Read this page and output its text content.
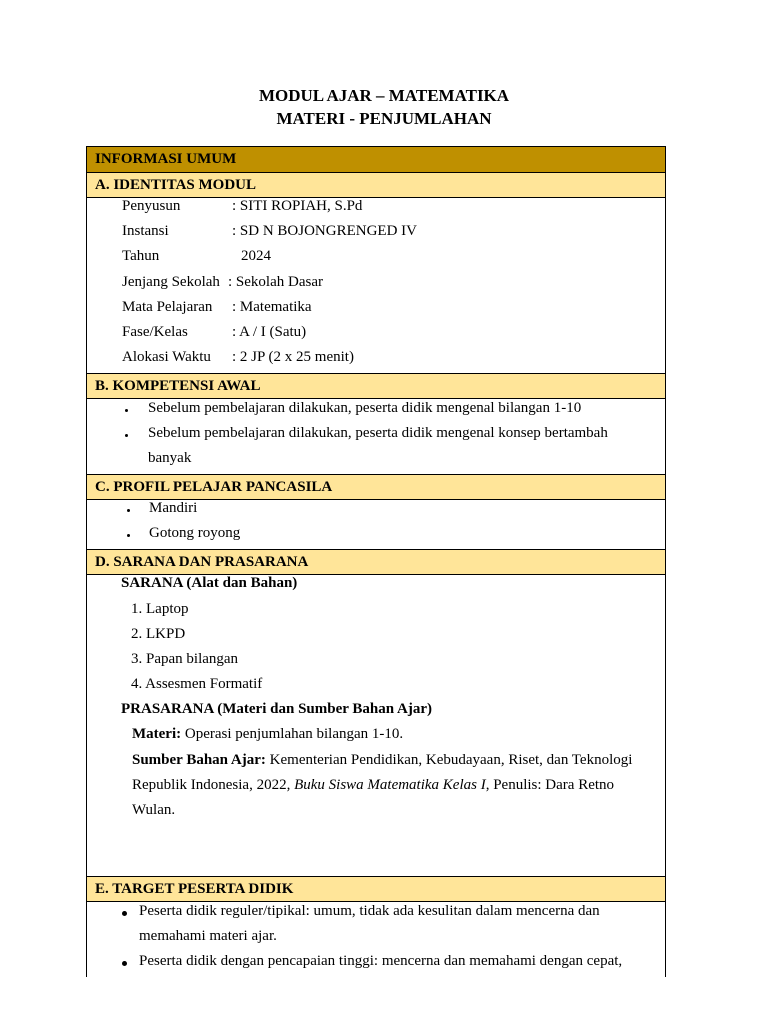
MODUL AJAR – MATEMATIKA
MATERI - PENJUMLAHAN
INFORMASI UMUM
A. IDENTITAS MODUL
Penyusun	: SITI ROPIAH, S.Pd
Instansi	: SD N BOJONGRENGED IV
Tahun	2024
Jenjang Sekolah : Sekolah Dasar
Mata Pelajaran : Matematika
Fase/Kelas	: A / I (Satu)
Alokasi Waktu : 2 JP (2 x 25 menit)
B. KOMPETENSI AWAL
Sebelum pembelajaran dilakukan, peserta didik mengenal bilangan 1-10
Sebelum pembelajaran dilakukan, peserta didik mengenal konsep bertambah
banyak
C. PROFIL PELAJAR PANCASILA
Mandiri
Gotong royong
D. SARANA DAN PRASARANA
SARANA (Alat dan Bahan)
1. Laptop
2. LKPD
3. Papan bilangan
4. Assesmen Formatif
PRASARANA (Materi dan Sumber Bahan Ajar)
Materi: Operasi penjumlahan bilangan 1-10.
Sumber Bahan Ajar: Kementerian Pendidikan, Kebudayaan, Riset, dan Teknologi
Republik Indonesia, 2022, Buku Siswa Matematika Kelas I, Penulis: Dara Retno
Wulan.
E. TARGET PESERTA DIDIK
Peserta didik reguler/tipikal: umum, tidak ada kesulitan dalam mencerna dan
memahami materi ajar.
Peserta didik dengan pencapaian tinggi: mencerna dan memahami dengan cepat,
